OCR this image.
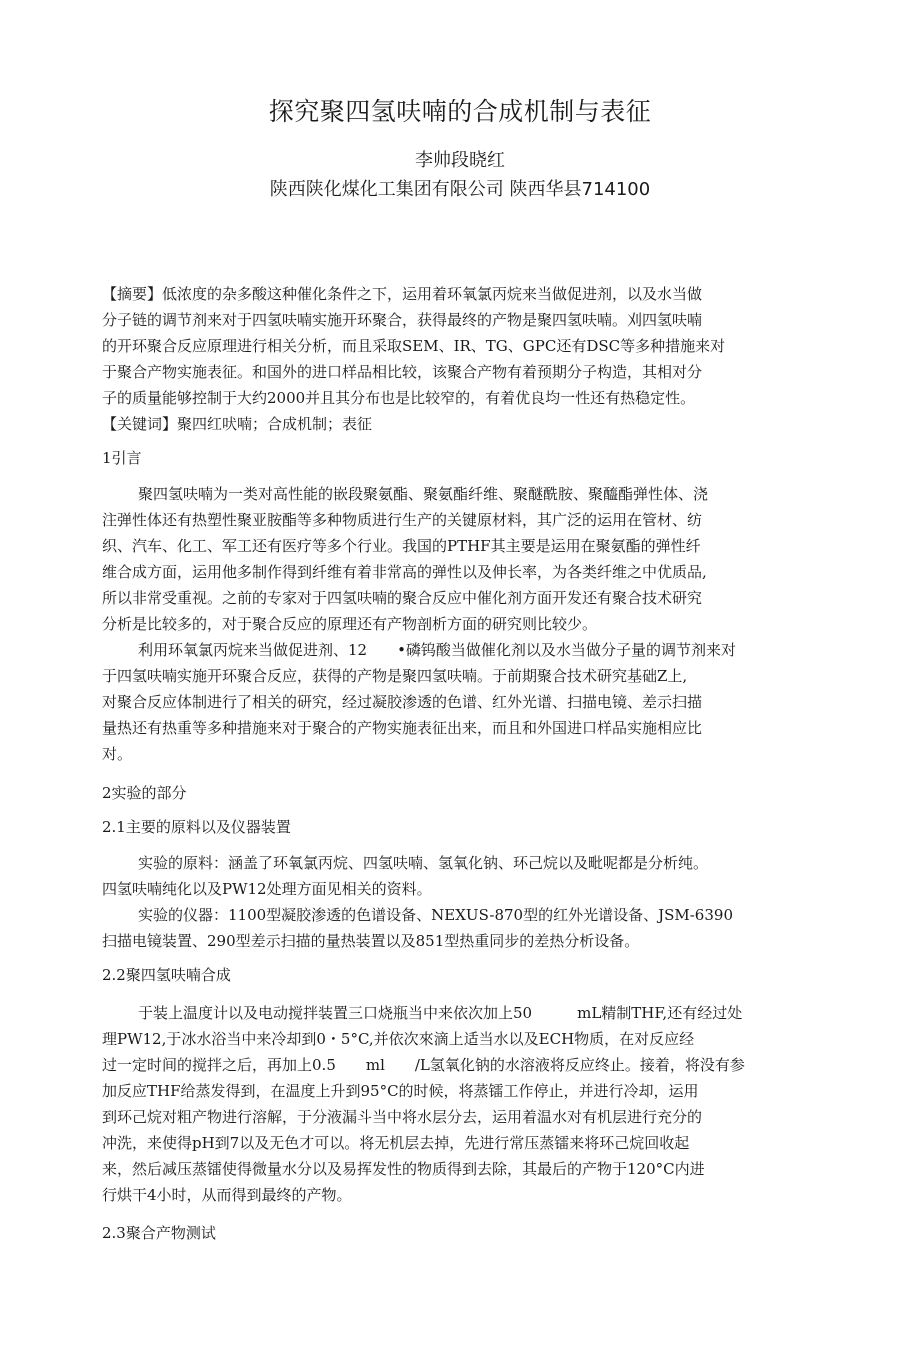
探究聚四氢呋喃的合成机制与表征
李帅段晓红
陕西陕化煤化工集团有限公司 陕西华县714100
【摘要】低浓度的杂多酸这种催化条件之下，运用着环氧氯丙烷来当做促进剂，以及水当做
分子链的调节剂来对于四氢呋喃实施开环聚合，获得最终的产物是聚四氢呋喃。刈四氢呋喃
的开环聚合反应原理进行相关分析，而且采取SEM、IR、TG、GPC还有DSC等多种措施来对
于聚合产物实施表征。和国外的进口样品相比较，该聚合产物有着预期分子构造，其相对分
子的质量能够控制于大约2000并且其分布也是比较窄的，有着优良均一性还有热稳定性。
【关键词】聚四红吠喃；合成机制；表征
1引言
聚四氢呋喃为一类对高性能的嵌段聚氨酯、聚氨酯纤维、聚醚酰胺、聚醯酯弹性体、浇
注弹性体还有热塑性聚亚胺酯等多种物质进行生产的关键原材料，其广泛的运用在管材、纺
织、汽车、化工、军工还有医疗等多个行业。我国的PTHF其主要是运用在聚氨酯的弹性纤
维合成方面，运用他多制作得到纤维有着非常高的弹性以及伸长率，为各类纤维之中优质品,
所以非常受重视。之前的专家对于四氢呋喃的聚合反应中催化剂方面开发还有聚合技术研究
分析是比较多的，对于聚合反应的原理还有产物剖析方面的研究则比较少。
利用环氧氯丙烷来当做促进剂、12　　•磷钨酸当做催化剂以及水当做分子量的调节剂来对
于四氢呋喃实施开环聚合反应，获得的产物是聚四氢呋喃。于前期聚合技术研究基础Z上,
对聚合反应体制进行了相关的研究，经过凝胶渗透的色谱、红外光谱、扫描电镜、差示扫描
量热还有热重等多种措施来对于聚合的产物实施表征出来，而且和外国进口样品实施相应比
对。
2实验的部分
2.1主要的原料以及仪器装置
实验的原料：涵盖了环氧氯丙烷、四氢呋喃、氢氧化钠、环己烷以及毗呢都是分析纯。
四氢呋喃纯化以及PW12处理方面见相关的资料。
实验的仪器：1100型凝胶渗透的色谱设备、NEXUS-870型的红外光谱设备、JSM-6390
扫描电镜装置、290型差示扫描的量热装置以及851型热重同步的差热分析设备。
2.2聚四氢呋喃合成
于装上温度计以及电动搅拌装置三口烧瓶当中来依次加上50　　　mL精制THF,还有经过处
理PW12,于冰水浴当中来冷却到0・5°C,并依次來滴上适当水以及ECH物质，在对反应经
过一定时间的搅拌之后，再加上0.5　　ml　　/L氢氧化钠的水溶液将反应终止。接着，将没有参
加反应THF给蒸发得到，在温度上升到95°C的时候，将蒸镭工作停止，并进行冷却，运用
到环己烷对粗产物进行溶解，于分液漏斗当中将水层分去，运用着温水对有机层进行充分的
冲洗，来使得pH到7以及无色才可以。将无机层去掉，先进行常压蒸镭来将环己烷回收起
来，然后减压蒸镭使得微量水分以及易挥发性的物质得到去除，其最后的产物于120°C内进
行烘干4小时，从而得到最终的产物。
2.3聚合产物测试
